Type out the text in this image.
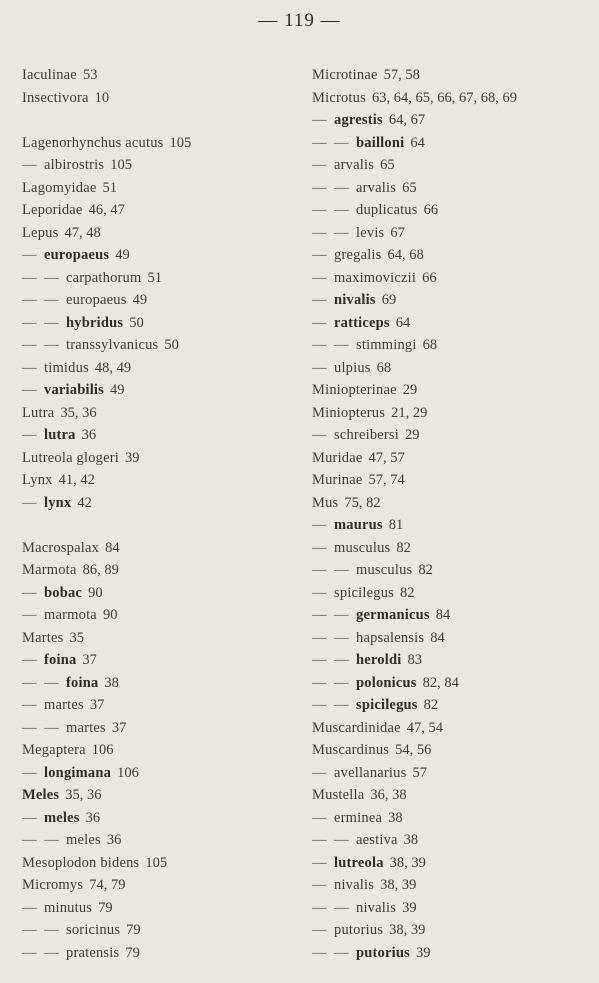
— 119 —
Iaculinae 53
Insectivora 10
Lagenorhynchus acutus 105
— albirostris 105
Lagomyidae 51
Leporidae 46, 47
Lepus 47, 48
— europaeus 49
— — carpathorum 51
— — europaeus 49
— — hybridus 50
— — transsylvanicus 50
— timidus 48, 49
— variabilis 49
Lutra 35, 36
— lutra 36
Lutreola glogeri 39
Lynx 41, 42
— lynx 42
Macrospalax 84
Marmota 86, 89
— bobac 90
— marmota 90
Martes 35
— foina 37
— — foina 38
— martes 37
— — martes 37
Megaptera 106
— longimana 106
Meles 35, 36
— meles 36
— — meles 36
Mesoplodon bidens 105
Micromys 74, 79
— minutus 79
— — soricinus 79
— — pratensis 79
Microtinae 57, 58
Microtus 63, 64, 65, 66, 67, 68, 69
— agrestis 64, 67
— — bailloni 64
— arvalis 65
— — arvalis 65
— — duplicatus 66
— — levis 67
— gregalis 64, 68
— maximoviczii 66
— nivalis 69
— ratticeps 64
— — stimmingi 68
— ulpius 68
Miniopterinae 29
Miniopterus 21, 29
— schreibersi 29
Muridae 47, 57
Murinae 57, 74
Mus 75, 82
— maurus 81
— musculus 82
— — musculus 82
— spicilegus 82
— — germanicus 84
— — hapsalensis 84
— — heroldi 83
— — polonicus 82, 84
— — spicilegus 82
Muscardinidae 47, 54
Muscardinus 54, 56
— avellanarius 57
Mustella 36, 38
— erminea 38
— — aestiva 38
— lutreola 38, 39
— nivalis 38, 39
— — nivalis 39
— putorius 38, 39
— — putorius 39
